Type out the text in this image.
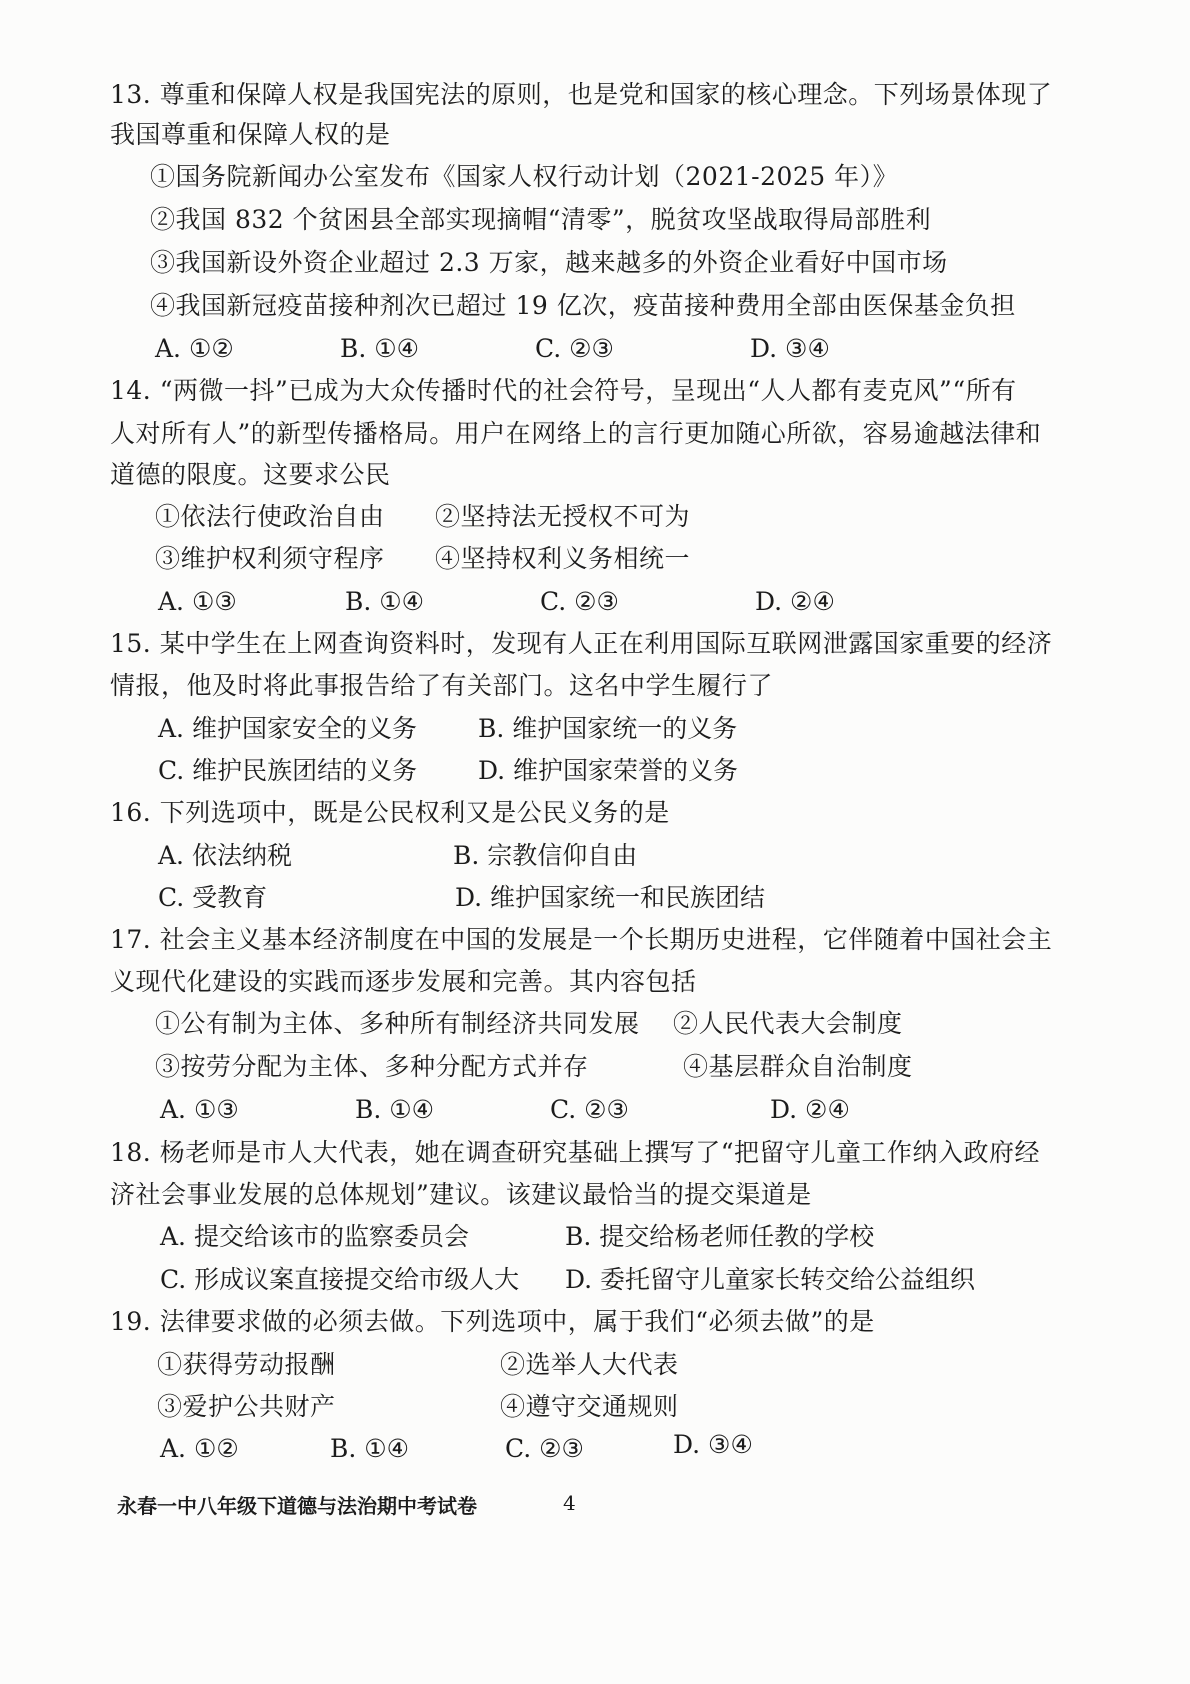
13. 尊重和保障人权是我国宪法的原则，也是党和国家的核心理念。下列场景体现了
我国尊重和保障人权的是
①国务院新闻办公室发布《国家人权行动计划（2021-2025 年）》
②我国 832 个贫困县全部实现摘帽“清零”，脱贫攻坚战取得局部胜利
③我国新设外资企业超过 2.3 万家，越来越多的外资企业看好中国市场
④我国新冠疫苗接种剂次已超过 19 亿次，疫苗接种费用全部由医保基金负担
A. ①②	B. ①④	C. ②③	D. ③④
14. “两微一抖”已成为大众传播时代的社会符号，呈现出“人人都有麦克风”“所有
人对所有人”的新型传播格局。用户在网络上的言行更加随心所欲，容易逾越法律和
道德的限度。这要求公民
①依法行使政治自由 ②坚持法无授权不可为
③维护权利须守程序 ④坚持权利义务相统一
A. ①③	B. ①④	C. ②③	D. ②④
15. 某中学生在上网查询资料时，发现有人正在利用国际互联网泄露国家重要的经济
情报，他及时将此事报告给了有关部门。这名中学生履行了
A. 维护国家安全的义务 B. 维护国家统一的义务
C. 维护民族团结的义务 D. 维护国家荣誉的义务
16. 下列选项中，既是公民权利又是公民义务的是
A. 依法纳税	B. 宗教信仰自由
C. 受教育	D. 维护国家统一和民族团结
17. 社会主义基本经济制度在中国的发展是一个长期历史进程，它伴随着中国社会主
义现代化建设的实践而逐步发展和完善。其内容包括
①公有制为主体、多种所有制经济共同发展 ②人民代表大会制度
③按劳分配为主体、多种分配方式并存	④基层群众自治制度
A. ①③	B. ①④	C. ②③	D. ②④
18. 杨老师是市人大代表，她在调查研究基础上撰写了“把留守儿童工作纳入政府经
济社会事业发展的总体规划”建议。该建议最恰当的提交渠道是
A. 提交给该市的监察委员会	B. 提交给杨老师任教的学校
C. 形成议案直接提交给市级人大 D. 委托留守儿童家长转交给公益组织
19. 法律要求做的必须去做。下列选项中，属于我们“必须去做”的是
①获得劳动报酬	②选举人大代表
③爱护公共财产	④遵守交通规则
A. ①②	B. ①④	C. ②③	D. ③④
永春一中八年级下道德与法治期中考试卷	4
